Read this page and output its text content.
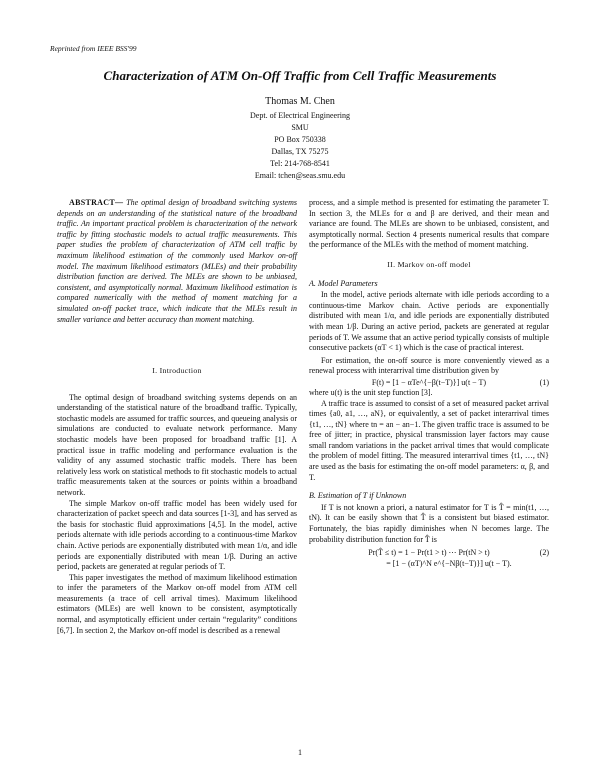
Reprinted from IEEE BSS'99
Characterization of ATM On-Off Traffic from Cell Traffic Measurements
Thomas M. Chen
Dept. of Electrical Engineering
SMU
PO Box 750338
Dallas, TX 75275
Tel: 214-768-8541
Email: tchen@seas.smu.edu

ABSTRACT— The optimal design of broadband switching systems depends on an understanding of the statistical nature of the broadband traffic. An important practical problem is characterization of the network traffic by fitting stochastic models to actual traffic measurements. This paper studies the problem of characterization of ATM cell traffic by maximum likelihood estimation of the commonly used Markov on-off model. The maximum likelihood estimators (MLEs) and their probability distribution function are derived. The MLEs are shown to be unbiased, consistent, and asymptotically normal. Maximum likelihood estimation is compared numerically with the method of moment matching for a simulated on-off packet trace, which indicate that the MLEs result in smaller variance and better accuracy than moment matching.

I. Introduction

The optimal design of broadband switching systems depends on an understanding of the statistical nature of the broadband traffic. Typically, stochastic models are assumed for traffic sources, and queueing analysis or simulations are conducted to evaluate network performance. Many stochastic models have been proposed for broadband traffic [1]. A practical issue in traffic modeling and performance evaluation is the validity of any assumed stochastic traffic models. There has been relatively less work on statistical methods to fit stochastic models to actual traffic measurements taken at the sources or points within a broadband network.

The simple Markov on-off traffic model has been widely used for characterization of packet speech and data sources [1-3], and has served as the basis for stochastic fluid approximations [4,5]. In the model, active periods alternate with idle periods according to a continuous-time Markov chain. Active periods are exponentially distributed with mean 1/α, and idle periods are exponentially distributed with mean 1/β. During an active period, packets are generated at regular periods of T.

This paper investigates the method of maximum likelihood estimation to infer the parameters of the Markov on-off model from ATM cell measurements (a trace of cell arrival times). Maximum likelihood estimators (MLEs) are well known to be consistent, asymptotically normal, and asymptotically efficient under certain “regularity” conditions [6,7]. In section 2, the Markov on-off model is described as a renewal

process, and a simple method is presented for estimating the parameter T. In section 3, the MLEs for α and β are derived, and their mean and variance are found. The MLEs are shown to be unbiased, consistent, and asymptotically normal. Section 4 presents numerical results that compare the performance of the MLEs with the method of moment matching.

II. Markov on-off model
A. Model Parameters

In the model, active periods alternate with idle periods according to a continuous-time Markov chain. Active periods are exponentially distributed with mean 1/α, and idle periods are exponentially distributed with mean 1/β. During an active period, packets are generated at regular periods of T. We assume that an active period typically consists of multiple consecutive packets (αT < 1) which is the case of practical interest.

For estimation, the on-off source is more conveniently viewed as a renewal process with interarrival time distribution given by

F(t) = [1 − αTe^{−β(t−T)}] u(t − T)	(1)

where u(t) is the unit step function [3].

A traffic trace is assumed to consist of a set of measured packet arrival times {a0, a1, …, aN}, or equivalently, a set of packet interarrival times {t1, …, tN} where tn = an − an−1. The given traffic trace is assumed to be free of jitter; in practice, physical transmission layer factors may cause small random variations in the packet arrival times that would complicate the problem of model fitting. The measured interarrival times {t1, …, tN} are used as the basis for estimating the on-off model parameters: α, β, and T.

B. Estimation of T if Unknown

If T is not known a priori, a natural estimator for T is T̂ = min(t1, …, tN). It can be easily shown that T̂ is a consistent but biased estimator. Fortunately, the bias rapidly diminishes when N becomes large. The probability distribution function for T̂ is

Pr(T̂ ≤ t) = 1 − Pr(t1 > t) ⋯ Pr(tN > t)
= [1 − (αT)^N e^{−Nβ(t−T)}] u(t − T).
(2)
1
